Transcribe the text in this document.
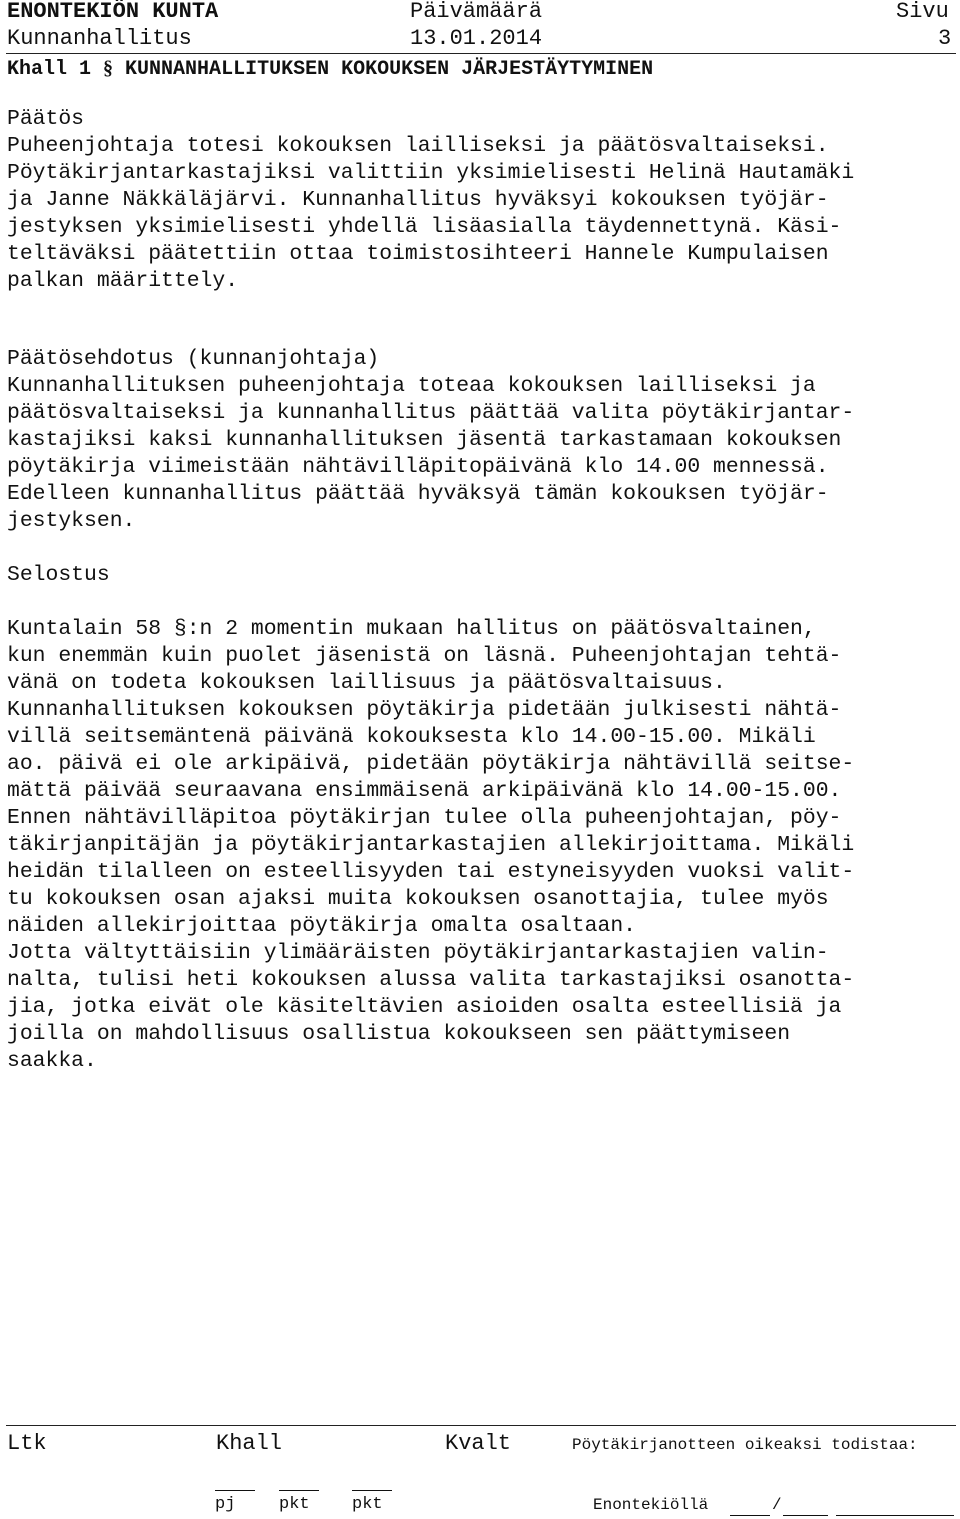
ENONTEKIÖN KUNTA	Päivämäärä	Sivu
Kunnanhallitus	13.01.2014	3
Khall 1 § KUNNANHALLITUKSEN KOKOUKSEN JÄRJESTÄYTYMINEN
Päätös
Puheenjohtaja totesi kokouksen lailliseksi ja päätösvaltaiseksi.
Pöytäkirjantarkastajiksi valittiin yksimielisesti Helinä Hautamäki
ja Janne Näkkäläjärvi. Kunnanhallitus hyväksyi kokouksen työjär-
jestyksen yksimielisesti yhdellä lisäasialla täydennettynä. Käsi-
teltäväksi päätettiin ottaa toimistosihteeri Hannele Kumpulaisen
palkan määrittely.
Päätösehdotus (kunnanjohtaja)
Kunnanhallituksen puheenjohtaja toteaa kokouksen lailliseksi ja
päätösvaltaiseksi ja kunnanhallitus päättää valita pöytäkirjantar-
kastajiksi kaksi kunnanhallituksen jäsentä tarkastamaan kokouksen
pöytäkirja viimeistään nähtävilläpitopäivänä klo 14.00 mennessä.
Edelleen kunnanhallitus päättää hyväksyä tämän kokouksen työjär-
jestyksen.
Selostus
Kuntalain 58 §:n 2 momentin mukaan hallitus on päätösvaltainen,
kun enemmän kuin puolet jäsenistä on läsnä. Puheenjohtajan tehtä-
vänä on todeta kokouksen laillisuus ja päätösvaltaisuus.
Kunnanhallituksen kokouksen pöytäkirja pidetään julkisesti nähtä-
villä seitsemäntenä päivänä kokouksesta klo 14.00-15.00. Mikäli
ao. päivä ei ole arkipäivä, pidetään pöytäkirja nähtävillä seitse-
mättä päivää seuraavana ensimmäisenä arkipäivänä klo 14.00-15.00.
Ennen nähtävilläpitoa pöytäkirjan tulee olla puheenjohtajan, pöy-
täkirjanpitäjän ja pöytäkirjantarkastajien allekirjoittama. Mikäli
heidän tilalleen on esteellisyyden tai estyneisyyden vuoksi valit-
tu kokouksen osan ajaksi muita kokouksen osanottajia, tulee myös
näiden allekirjoittaa pöytäkirja omalta osaltaan.
Jotta vältyttäisiin ylimääräisten pöytäkirjantarkastajien valin-
nalta, tulisi heti kokouksen alussa valita tarkastajiksi osanotta-
jia, jotka eivät ole käsiteltävien asioiden osalta esteellisiä ja
joilla on mahdollisuus osallistua kokoukseen sen päättymiseen
saakka.
Ltk	Khall	Kvalt	Pöytäkirjanotteen oikeaksi todistaa:
pj	pkt pkt	Enontekiöllä	/
